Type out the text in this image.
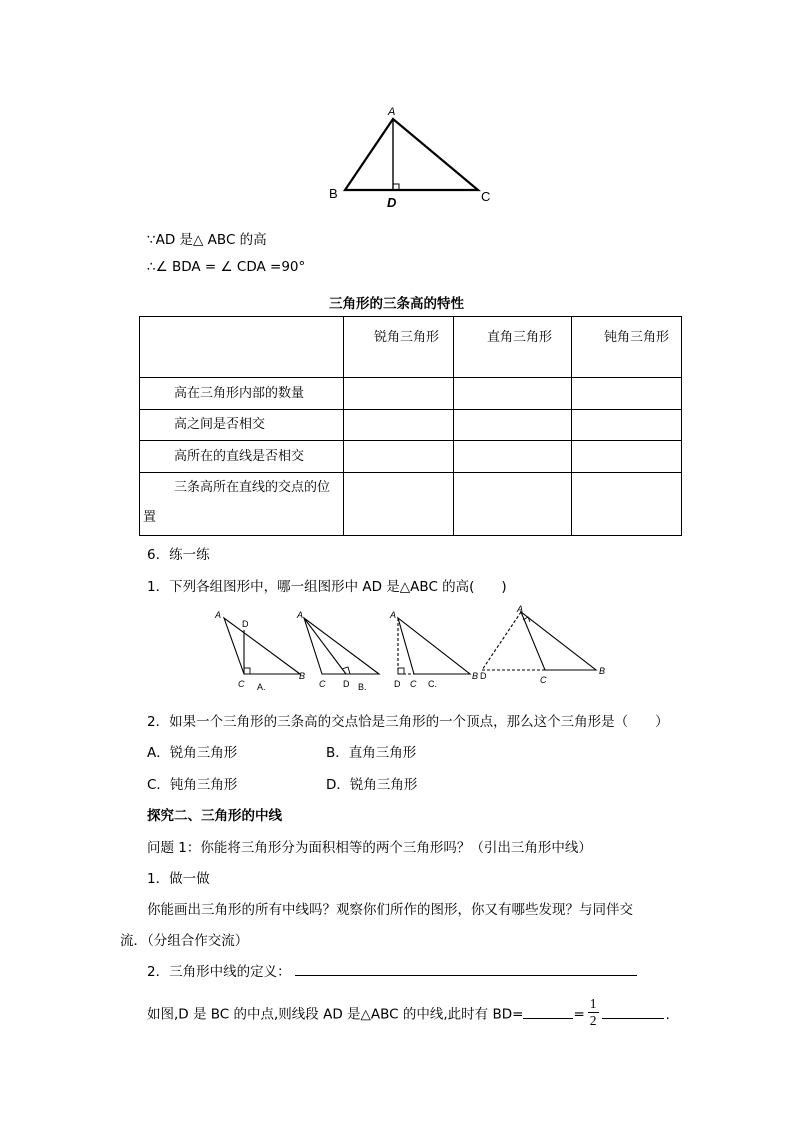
A
B	C
D
∵AD 是△ ABC 的高
∴∠ BDA = ∠ CDA =90°
三角形的三条高的特性
	锐角三角形	直角三角形	钝角三角形
高在三角形内部的数量			
高之间是否相交			
高所在的直线是否相交			

三条高所在直线的交点的位置			

6．练一练
1．下列各组图形中，哪一组图形中 AD 是△ABC 的高(　　)
A
D
C A.
B
A
C D B.
A
D C C.
B
A
D	C
B
2．如果一个三角形的三条高的交点恰是三角形的一个顶点，那么这个三角形是（　　）
A．锐角三角形	B．直角三角形
C．钝角三角形	D．锐角三角形
探究二、三角形的中线
问题 1：你能将三角形分为面积相等的两个三角形吗？（引出三角形中线）
1．做一做
你能画出三角形的所有中线吗？观察你们所作的图形，你又有哪些发现？与同伴交
流．（分组合作交流）
2．三角形中线的定义：
如图,D 是 BC 的中点,则线段 AD 是△ABC 的中线,此时有 BD=	= $\frac{1}{2}$	.
